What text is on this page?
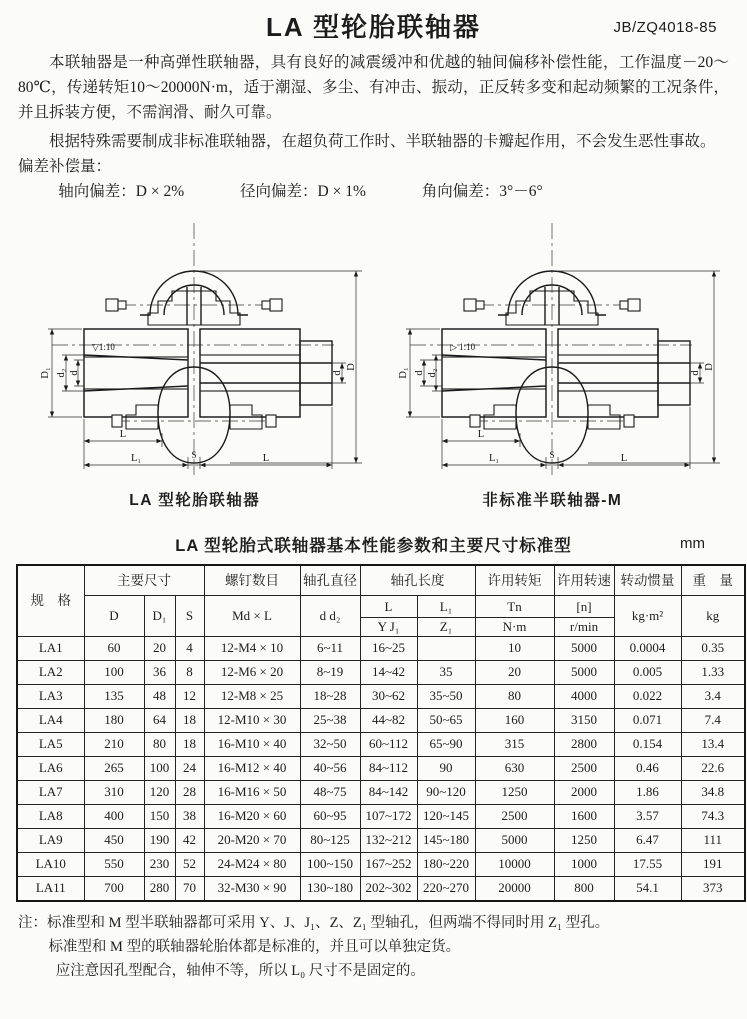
LA 型轮胎联轴器	JB/ZQ4018-85
本联轴器是一种高弹性联轴器，具有良好的减震缓冲和优越的轴间偏移补偿性能，工作温度－20～80℃，传递转矩10～20000N·m，适于潮湿、多尘、有冲击、振动，正反转多变和起动频繁的工况条件，并且拆装方便，不需润滑、耐久可靠。
根据特殊需要制成非标准联轴器，在超负荷工作时、半联轴器的卡瓣起作用，不会发生恶性事故。
偏差补偿量：
轴向偏差：D × 2%	径向偏差：D × 1%	角向偏差：3°－6°
▽1:10
D₁ d₂ d	d
D
L
L₁	S	L
LA 型轮胎联轴器
▷ 1:10
D₁ d d₂	d
D
L
L₁	S	L
非标准半联轴器-M
LA 型轮胎式联轴器基本性能参数和主要尺寸标准型	mm
规　格	主要尺寸			螺钉数目	轴孔直径	轴孔长度		许用转矩	许用转速	转动惯量	重　量
	D	D₁	S	Md × L	d d₂	L	L₁	Tn	[n]	kg·m²	kg
						Y J₁	Z₁	N·m	r/min		
LA1	60	20	4	12-M4 × 10	6~11	16~25		10	5000	0.0004	0.35
LA2	100	36	8	12-M6 × 20	8~19	14~42	35	20	5000	0.005	1.33
LA3	135	48	12	12-M8 × 25	18~28	30~62	35~50	80	4000	0.022	3.4
LA4	180	64	18	12-M10 × 30	25~38	44~82	50~65	160	3150	0.071	7.4
LA5	210	80	18	16-M10 × 40	32~50	60~112	65~90	315	2800	0.154	13.4
LA6	265	100	24	16-M12 × 40	40~56	84~112	90	630	2500	0.46	22.6
LA7	310	120	28	16-M16 × 50	48~75	84~142	90~120	1250	2000	1.86	34.8
LA8	400	150	38	16-M20 × 60	60~95	107~172	120~145	2500	1600	3.57	74.3
LA9	450	190	42	20-M20 × 70	80~125	132~212	145~180	5000	1250	6.47	111
LA10	550	230	52	24-M24 × 80	100~150	167~252	180~220	10000	1000	17.55	191
LA11	700	280	70	32-M30 × 90	130~180	202~302	220~270	20000	800	54.1	373
注：标准型和 M 型半联轴器都可采用 Y、J、J₁、Z、Z₁ 型轴孔，但两端不得同时用 Z₁ 型孔。
标准型和 M 型的联轴器轮胎体都是标准的，并且可以单独定货。
应注意因孔型配合，轴伸不等，所以 L₀ 尺寸不是固定的。
